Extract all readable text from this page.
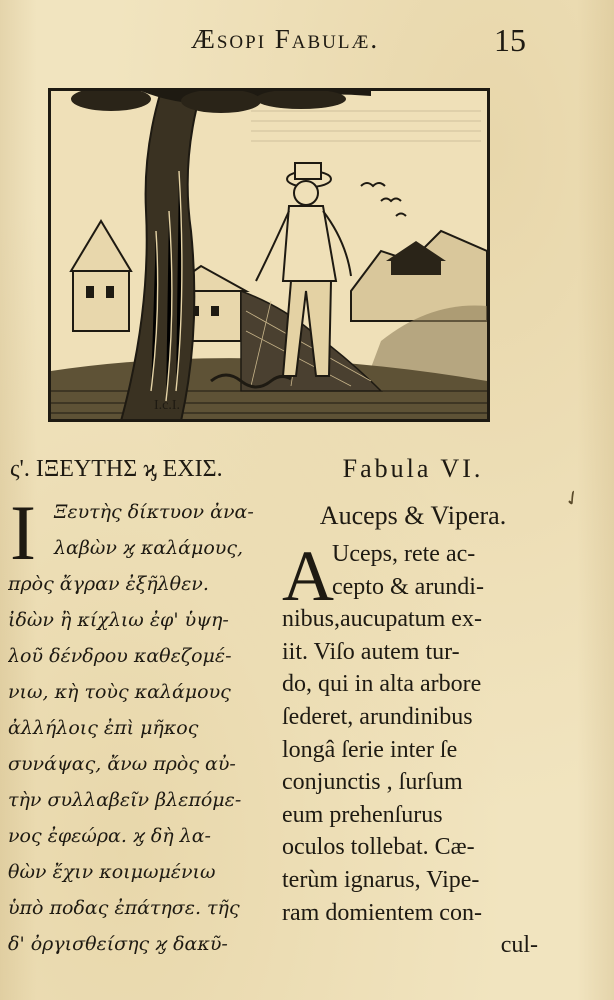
Æsopi Fabulæ.	15
I.c.I.
ς'. ΙΞΕΥΤΗΣ ϗ ΕΧΙΣ.
Ι Ξευτὴς δίκτυον ἀνα-
λαβὼν ϗ καλάμους,
πρὸς ἄγραν ἐξῆλθεν.
ἰδὼν ἢ κίχλιω ἐφ' ὑψη-
λοῦ δένδρου καθεζομέ-
νιω, κὴ τοὺς καλάμους
ἀλλήλοις ἐπὶ μῆκος
συνάψας, ἄνω πρὸς αὐ-
τὴν συλλαβεῖν βλεπόμε-
νος ἐφεώρα. ϗ δὴ λα-
θὼν ἔχιν κοιμωμένιω
ὑπὸ ποδας ἐπάτησε. τῆς
δ' ὀργισθείσης ϗ δακῦ-
Fabula VI.
Auceps & Vipera.
A
Uceps, rete ac-
cepto & arundi-
nibus,aucupatum ex-
iit. Viſo autem tur-
do, qui in alta arbore
ſederet, arundinibus
longâ ſerie inter ſe
conjunctis , ſurſum
eum prehenſurus
oculos tollebat. Cæ-
terùm ignarus, Vipe-
ram domientem con-
cul-
✓
